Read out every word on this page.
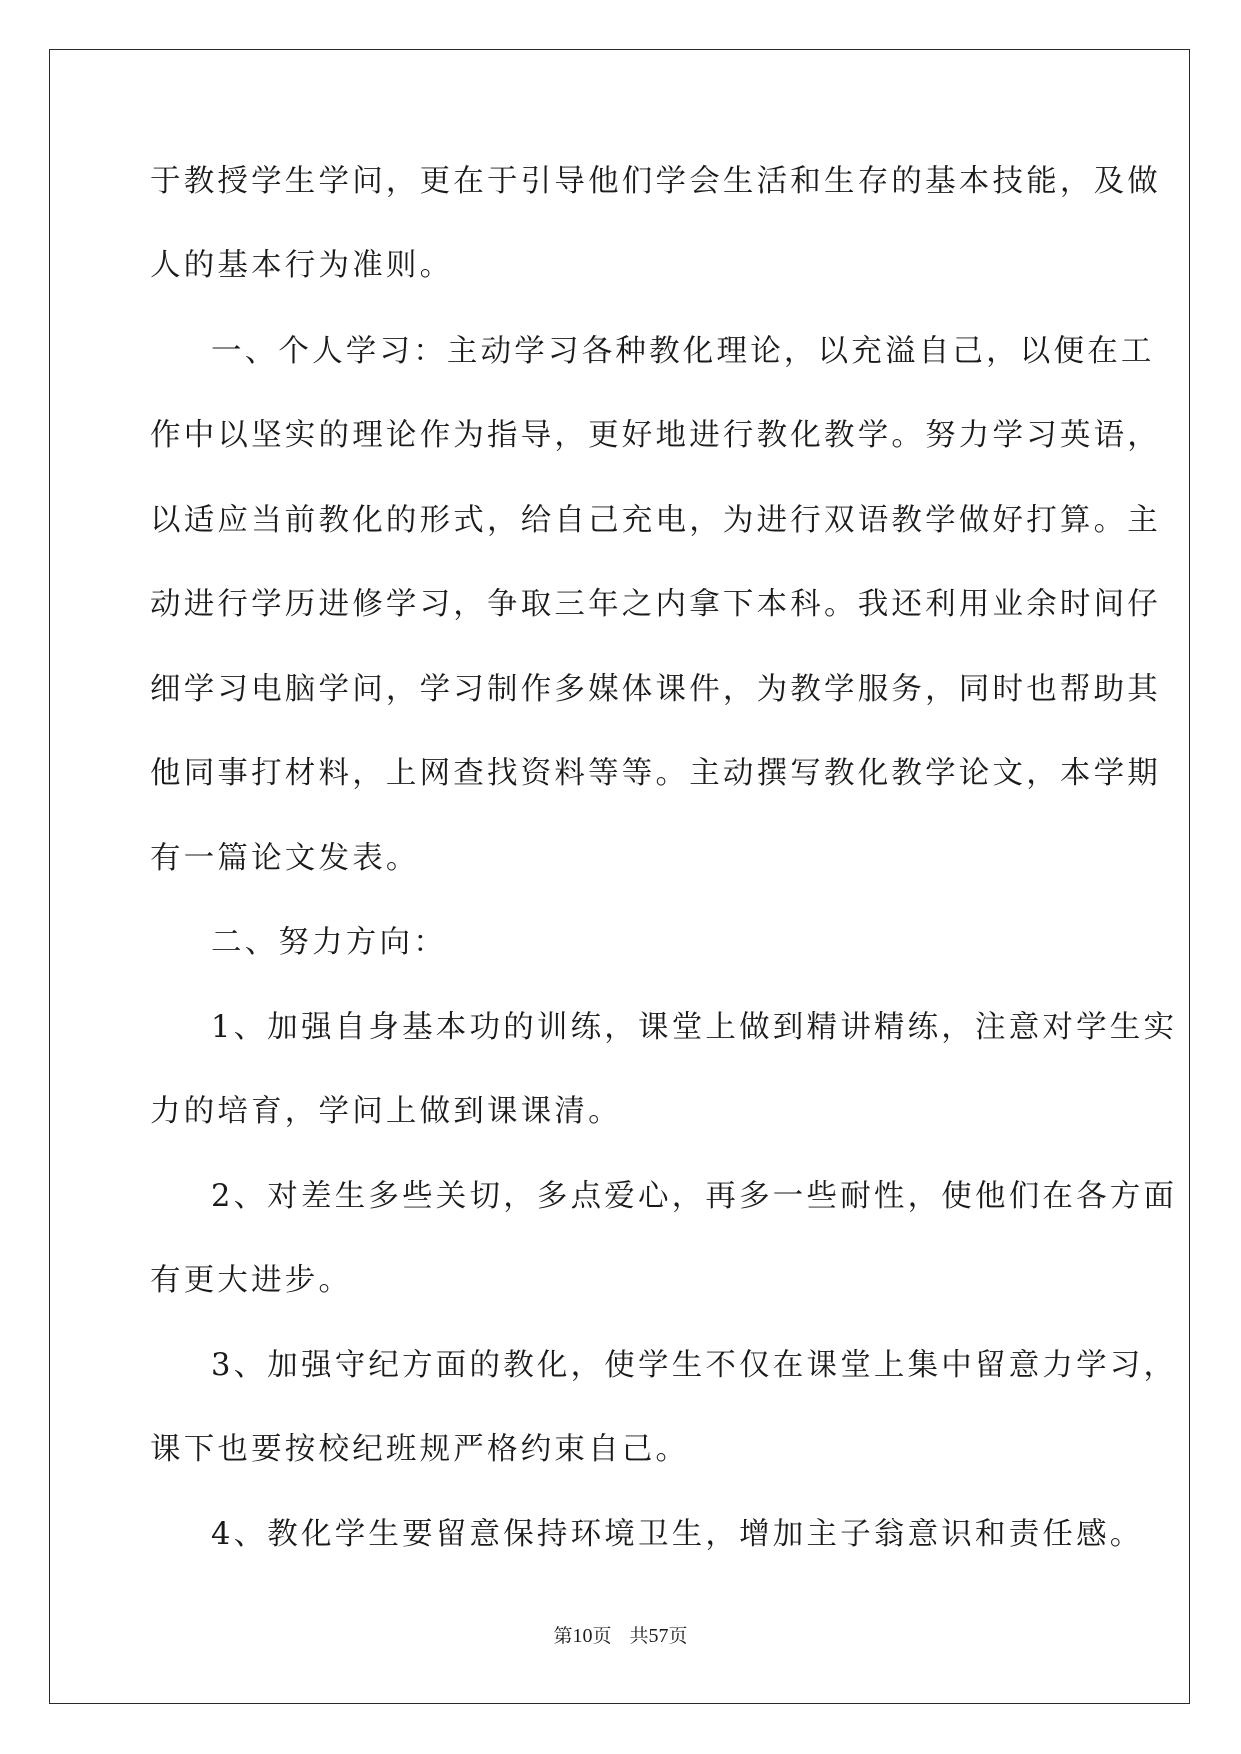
于教授学生学问，更在于引导他们学会生活和生存的基本技能，及做
人的基本行为准则。
一、个人学习：主动学习各种教化理论，以充溢自己，以便在工
作中以坚实的理论作为指导，更好地进行教化教学。努力学习英语，
以适应当前教化的形式，给自己充电，为进行双语教学做好打算。主
动进行学历进修学习，争取三年之内拿下本科。我还利用业余时间仔
细学习电脑学问，学习制作多媒体课件，为教学服务，同时也帮助其
他同事打材料，上网查找资料等等。主动撰写教化教学论文，本学期
有一篇论文发表。
二、努力方向：
1、加强自身基本功的训练，课堂上做到精讲精练，注意对学生实
力的培育，学问上做到课课清。
2、对差生多些关切，多点爱心，再多一些耐性，使他们在各方面
有更大进步。
3、加强守纪方面的教化，使学生不仅在课堂上集中留意力学习，
课下也要按校纪班规严格约束自己。
4、教化学生要留意保持环境卫生，增加主子翁意识和责任感。
第10页 共57页
